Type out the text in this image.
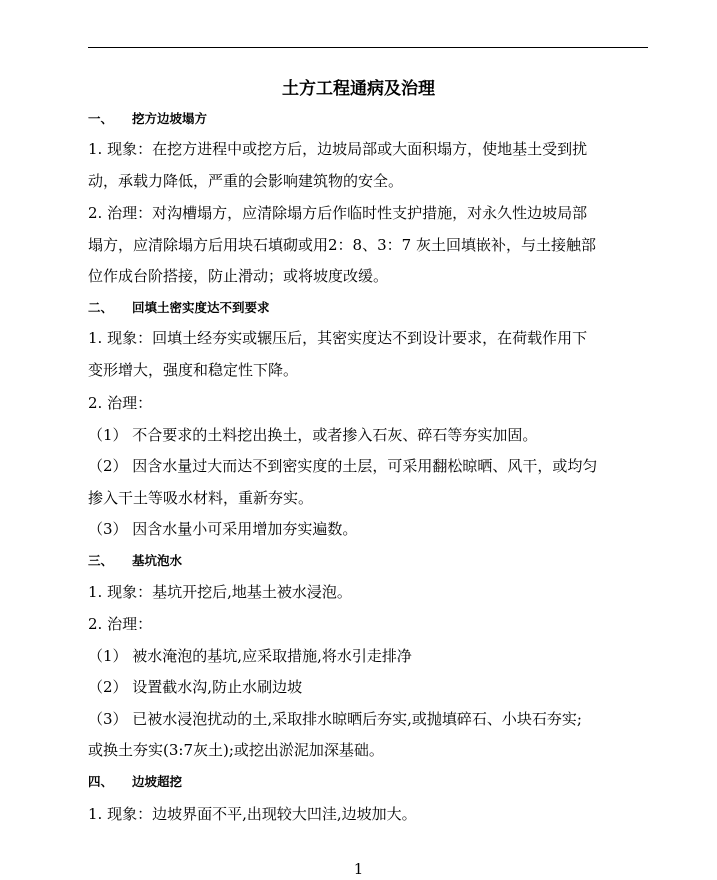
土方工程通病及治理
一、 挖方边坡塌方
1. 现象：在挖方进程中或挖方后，边坡局部或大面积塌方，使地基土受到扰
动，承载力降低，严重的会影响建筑物的安全。
2. 治理：对沟槽塌方，应清除塌方后作临时性支护措施，对永久性边坡局部
塌方，应清除塌方后用块石填砌或用2：8、3：7 灰土回填嵌补，与土接触部
位作成台阶搭接，防止滑动；或将坡度改缓。
二、 回填土密实度达不到要求
1. 现象：回填土经夯实或辗压后，其密实度达不到设计要求，在荷载作用下
变形增大，强度和稳定性下降。
2. 治理：
（1） 不合要求的土料挖出换土，或者掺入石灰、碎石等夯实加固。
（2） 因含水量过大而达不到密实度的土层，可采用翻松晾晒、风干，或均匀
掺入干土等吸水材料，重新夯实。
（3） 因含水量小可采用增加夯实遍数。
三、 基坑泡水
1. 现象：基坑开挖后,地基土被水浸泡。
2. 治理：
（1） 被水淹泡的基坑,应采取措施,将水引走排净
（2） 设置截水沟,防止水刷边坡
（3） 已被水浸泡扰动的土,采取排水晾晒后夯实,或抛填碎石、小块石夯实;
或换土夯实(3:7灰土);或挖出淤泥加深基础。
四、 边坡超挖
1. 现象：边坡界面不平,出现较大凹洼,边坡加大。
1
